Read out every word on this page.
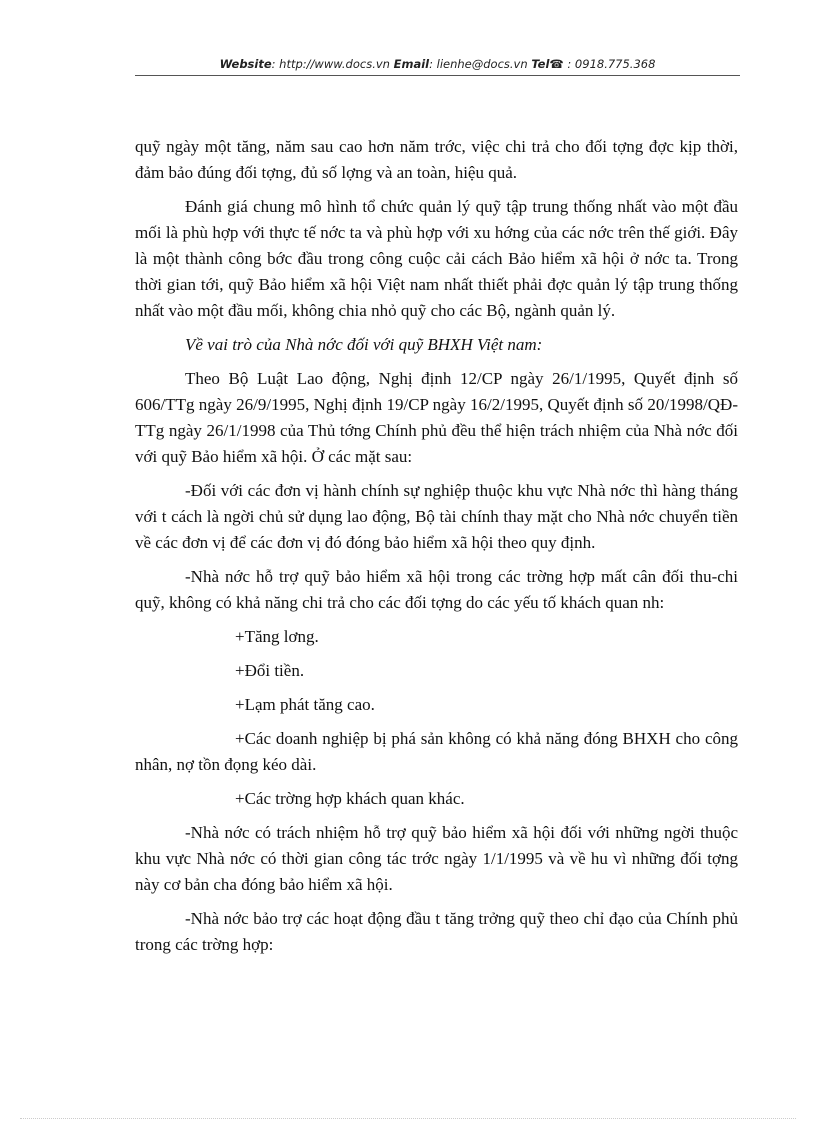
Website: http://www.docs.vn Email: lienhe@docs.vn Tel☎ : 0918.775.368

quỹ ngày một tăng, năm sau cao hơn năm trớc, việc chi trả cho đối tợng đợc kịp thời, đảm bảo đúng đối tợng, đủ số lợng và an toàn, hiệu quả.

Đánh giá chung mô hình tổ chức quản lý quỹ tập trung thống nhất vào một đầu mối là phù hợp với thực tế nớc ta và phù hợp với xu hớng của các nớc trên thế giới. Đây là một thành công bớc đầu trong công cuộc cải cách Bảo hiểm xã hội ở nớc ta. Trong thời gian tới, quỹ Bảo hiểm xã hội Việt nam nhất thiết phải đợc quản lý tập trung thống nhất vào một đầu mối, không chia nhỏ quỹ cho các Bộ, ngành quản lý.

Về vai trò của Nhà nớc đối với quỹ BHXH Việt nam:

Theo Bộ Luật Lao động, Nghị định 12/CP ngày 26/1/1995, Quyết định số 606/TTg ngày 26/9/1995, Nghị định 19/CP ngày 16/2/1995, Quyết định số 20/1998/QĐ-TTg ngày 26/1/1998 của Thủ tớng Chính phủ đều thể hiện trách nhiệm của Nhà nớc đối với quỹ Bảo hiểm xã hội. Ở các mặt sau:

-Đối với các đơn vị hành chính sự nghiệp thuộc khu vực Nhà nớc thì hàng tháng với t cách là ngời chủ sử dụng lao động, Bộ tài chính thay mặt cho Nhà nớc chuyển tiền về các đơn vị để các đơn vị đó đóng bảo hiểm xã hội theo quy định.

-Nhà nớc hỗ trợ quỹ bảo hiểm xã hội trong các trờng hợp mất cân đối thu-chi quỹ, không có khả năng chi trả cho các đối tợng do các yếu tố khách quan nh:

+Tăng lơng.

+Đổi tiền.

+Lạm phát tăng cao.

+Các doanh nghiệp bị phá sản không có khả năng đóng BHXH cho công nhân, nợ tồn đọng kéo dài.

+Các trờng hợp khách quan khác.

-Nhà nớc có trách nhiệm hỗ trợ quỹ bảo hiểm xã hội đối với những ngời thuộc khu vực Nhà nớc có thời gian công tác trớc ngày 1/1/1995 và về hu vì những đối tợng này cơ bản cha đóng bảo hiểm xã hội.

-Nhà nớc bảo trợ các hoạt động đầu t tăng trởng quỹ theo chỉ đạo của Chính phủ trong các trờng hợp:
